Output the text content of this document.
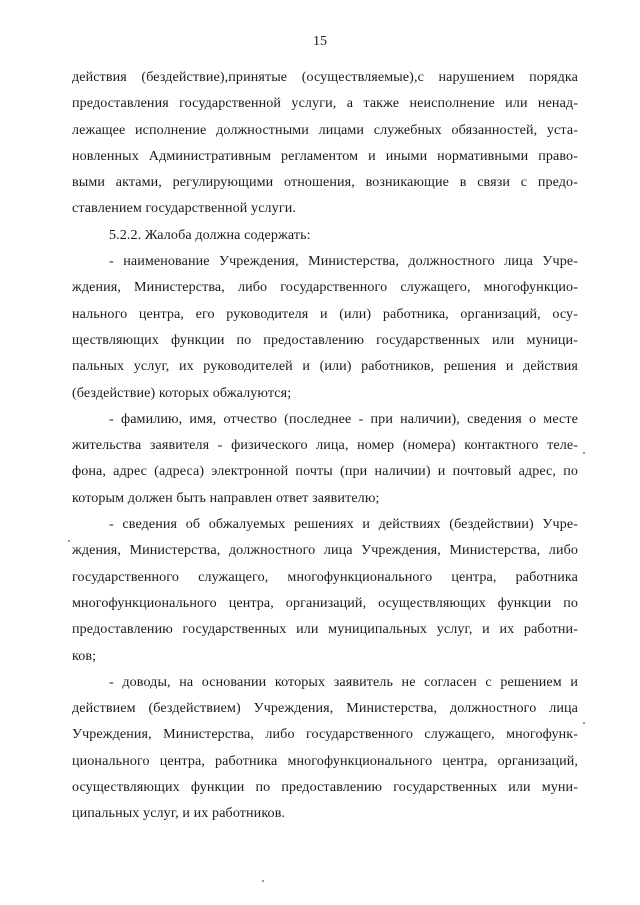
15

действия (бездействие),принятые (осуществляемые),с нарушением порядка
предоставления государственной услуги, а также неисполнение или ненад-
лежащее исполнение должностными лицами служебных обязанностей, уста-
новленных Административным регламентом и иными нормативными право-
выми актами, регулирующими отношения, возникающие в связи с предо-
ставлением государственной услуги.

5.2.2. Жалоба должна содержать:

- наименование Учреждения, Министерства, должностного лица Учре-
ждения, Министерства, либо государственного служащего, многофункцио-
нального центра, его руководителя и (или) работника, организаций, осу-
ществляющих функции по предоставлению государственных или муници-
пальных услуг, их руководителей и (или) работников, решения и действия
(бездействие) которых обжалуются;

- фамилию, имя, отчество (последнее - при наличии), сведения о месте
жительства заявителя - физического лица, номер (номера) контактного теле-
фона, адрес (адреса) электронной почты (при наличии) и почтовый адрес, по
которым должен быть направлен ответ заявителю;

- сведения об обжалуемых решениях и действиях (бездействии) Учре-
ждения, Министерства, должностного лица Учреждения, Министерства, либо
государственного служащего, многофункционального центра, работника
многофункционального центра, организаций, осуществляющих функции по
предоставлению государственных или муниципальных услуг, и их работни-
ков;

- доводы, на основании которых заявитель не согласен с решением и
действием (бездействием) Учреждения, Министерства, должностного лица
Учреждения, Министерства, либо государственного служащего, многофунк-
ционального центра, работника многофункционального центра, организаций,
осуществляющих функции по предоставлению государственных или муни-
ципальных услуг, и их работников.
